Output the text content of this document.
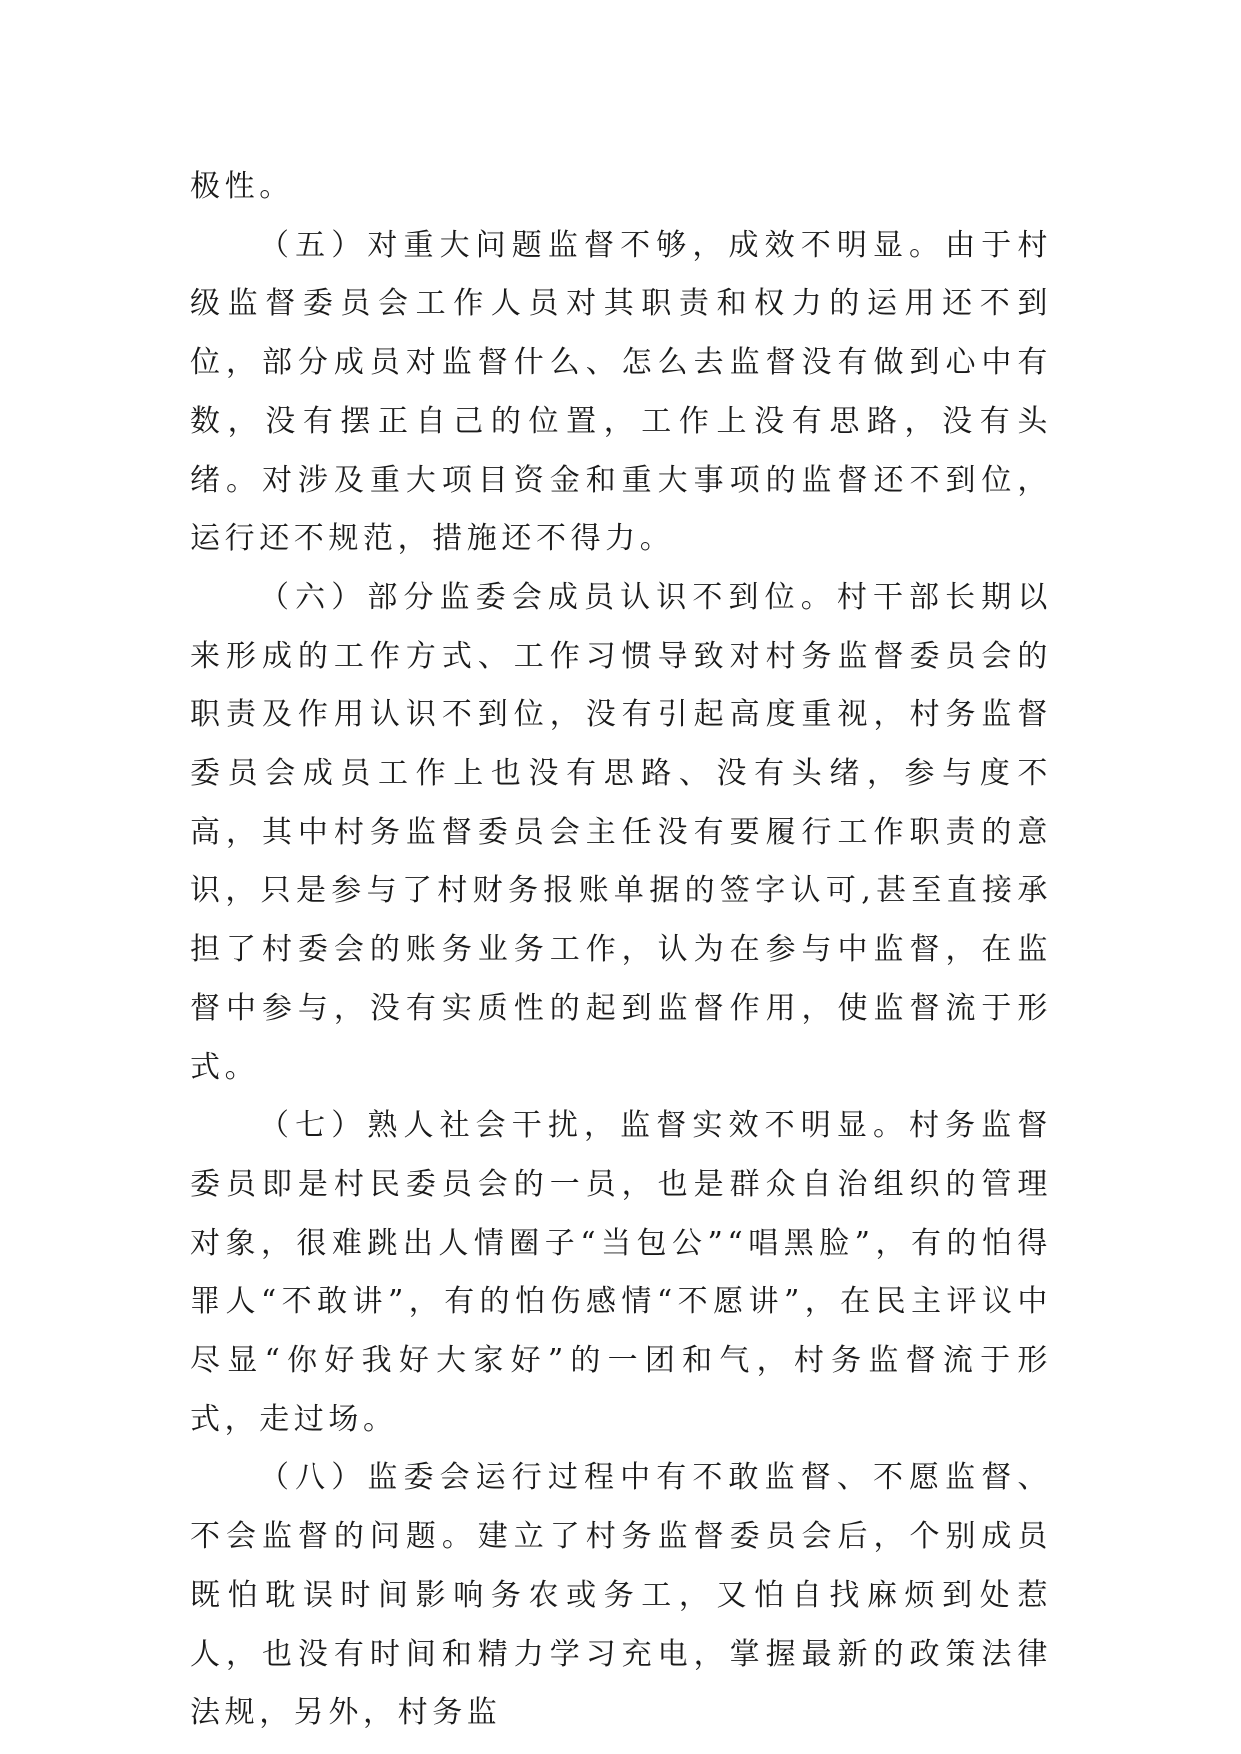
极性。

（五）对重大问题监督不够，成效不明显。由于村级监督委员会工作人员对其职责和权力的运用还不到位，部分成员对监督什么、怎么去监督没有做到心中有数，没有摆正自己的位置，工作上没有思路，没有头绪。对涉及重大项目资金和重大事项的监督还不到位，运行还不规范，措施还不得力。

（六）部分监委会成员认识不到位。村干部长期以来形成的工作方式、工作习惯导致对村务监督委员会的职责及作用认识不到位，没有引起高度重视，村务监督委员会成员工作上也没有思路、没有头绪，参与度不高，其中村务监督委员会主任没有要履行工作职责的意识，只是参与了村财务报账单据的签字认可,甚至直接承担了村委会的账务业务工作，认为在参与中监督，在监督中参与，没有实质性的起到监督作用，使监督流于形式。

（七）熟人社会干扰，监督实效不明显。村务监督委员即是村民委员会的一员，也是群众自治组织的管理对象，很难跳出人情圈子“当包公”“唱黑脸”，有的怕得罪人“不敢讲”，有的怕伤感情“不愿讲”，在民主评议中尽显“你好我好大家好”的一团和气，村务监督流于形式，走过场。

（八）监委会运行过程中有不敢监督、不愿监督、不会监督的问题。建立了村务监督委员会后，个别成员既怕耽误时间影响务农或务工，又怕自找麻烦到处惹人，也没有时间和精力学习充电，掌握最新的政策法律法规，另外，村务监
